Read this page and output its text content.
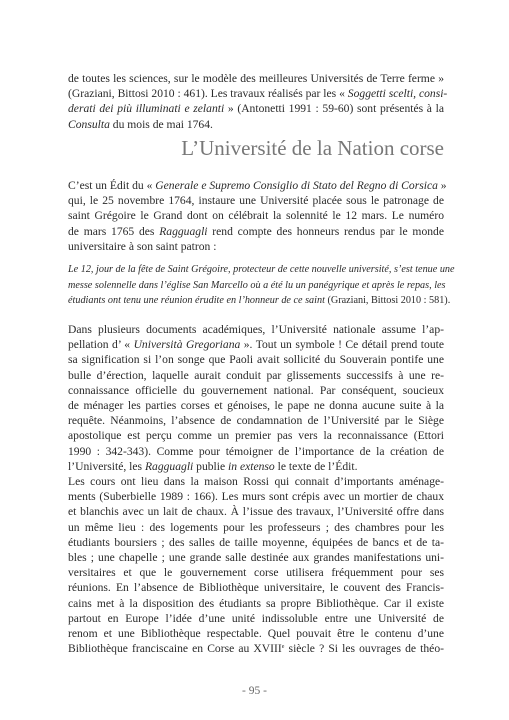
de toutes les sciences, sur le modèle des meilleures Universités de Terre ferme »
(Graziani, Bittosi 2010 : 461). Les travaux réalisés par les « Soggetti scelti, consi-
derati dei più illuminati e zelanti » (Antonetti 1991 : 59-60) sont présentés à la
Consulta du mois de mai 1764.
L’Université de la Nation corse
C’est un Édit du « Generale e Supremo Consiglio di Stato del Regno di Corsica »
qui, le 25 novembre 1764, instaure une Université placée sous le patronage de
saint Grégoire le Grand dont on célébrait la solennité le 12 mars. Le numéro
de mars 1765 des Ragguagli rend compte des honneurs rendus par le monde
universitaire à son saint patron :
Le 12, jour de la fête de Saint Grégoire, protecteur de cette nouvelle université, s’est tenue une
messe solennelle dans l’église San Marcello où a été lu un panégyrique et après le repas, les
étudiants ont tenu une réunion érudite en l’honneur de ce saint (Graziani, Bittosi 2010 : 581).
Dans plusieurs documents académiques, l’Université nationale assume l’ap-
pellation d’ « Università Gregoriana ». Tout un symbole ! Ce détail prend toute
sa signification si l’on songe que Paoli avait sollicité du Souverain pontife une
bulle d’érection, laquelle aurait conduit par glissements successifs à une re-
connaissance officielle du gouvernement national. Par conséquent, soucieux
de ménager les parties corses et génoises, le pape ne donna aucune suite à la
requête. Néanmoins, l’absence de condamnation de l’Université par le Siège
apostolique est perçu comme un premier pas vers la reconnaissance (Ettori
1990 : 342-343). Comme pour témoigner de l’importance de la création de
l’Université, les Ragguagli publie in extenso le texte de l’Édit.
Les cours ont lieu dans la maison Rossi qui connait d’importants aménage-
ments (Suberbielle 1989 : 166). Les murs sont crépis avec un mortier de chaux
et blanchis avec un lait de chaux. À l’issue des travaux, l’Université offre dans
un même lieu : des logements pour les professeurs ; des chambres pour les
étudiants boursiers ; des salles de taille moyenne, équipées de bancs et de ta-
bles ; une chapelle ; une grande salle destinée aux grandes manifestations uni-
versitaires et que le gouvernement corse utilisera fréquemment pour ses
réunions. En l’absence de Bibliothèque universitaire, le couvent des Francis-
cains met à la disposition des étudiants sa propre Bibliothèque. Car il existe
partout en Europe l’idée d’une unité indissoluble entre une Université de
renom et une Bibliothèque respectable. Quel pouvait être le contenu d’une
Bibliothèque franciscaine en Corse au XVIIIe siècle ? Si les ouvrages de théo-
- 95 -
